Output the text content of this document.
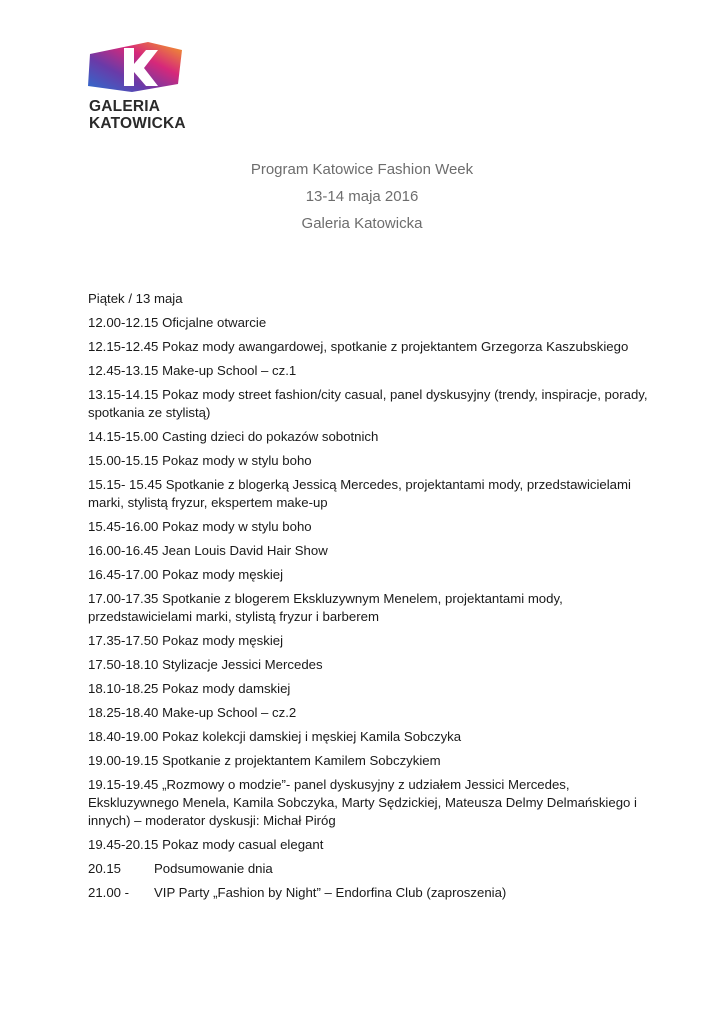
GALERIA
KATOWICKA
Program Katowice Fashion Week
13-14 maja 2016
Galeria Katowicka
Piątek / 13 maja
12.00-12.15 Oficjalne otwarcie
12.15-12.45 Pokaz mody awangardowej, spotkanie z projektantem Grzegorza Kaszubskiego
12.45-13.15 Make-up School – cz.1
13.15-14.15 Pokaz mody street fashion/city casual, panel dyskusyjny (trendy, inspiracje, porady, spotkania ze stylistą)
14.15-15.00 Casting dzieci do pokazów sobotnich
15.00-15.15 Pokaz mody w stylu boho
15.15- 15.45 Spotkanie z blogerką Jessicą Mercedes, projektantami mody, przedstawicielami marki, stylistą fryzur, ekspertem make-up
15.45-16.00 Pokaz mody w stylu boho
16.00-16.45 Jean Louis David Hair Show
16.45-17.00 Pokaz mody męskiej
17.00-17.35 Spotkanie z blogerem Ekskluzywnym Menelem, projektantami mody, przedstawicielami marki, stylistą fryzur i barberem
17.35-17.50 Pokaz mody męskiej
17.50-18.10 Stylizacje Jessici Mercedes
18.10-18.25 Pokaz mody damskiej
18.25-18.40 Make-up School – cz.2
18.40-19.00 Pokaz kolekcji damskiej i męskiej Kamila Sobczyka
19.00-19.15 Spotkanie z projektantem Kamilem Sobczykiem
19.15-19.45 „Rozmowy o modzie”- panel dyskusyjny z udziałem Jessici Mercedes, Ekskluzywnego Menela, Kamila Sobczyka, Marty Sędzickiej, Mateusza Delmy Delmańskiego i innych) – moderator dyskusji: Michał Piróg
19.45-20.15 Pokaz mody casual elegant
20.15 Podsumowanie dnia
21.00 - VIP Party „Fashion by Night” – Endorfina Club (zaproszenia)
